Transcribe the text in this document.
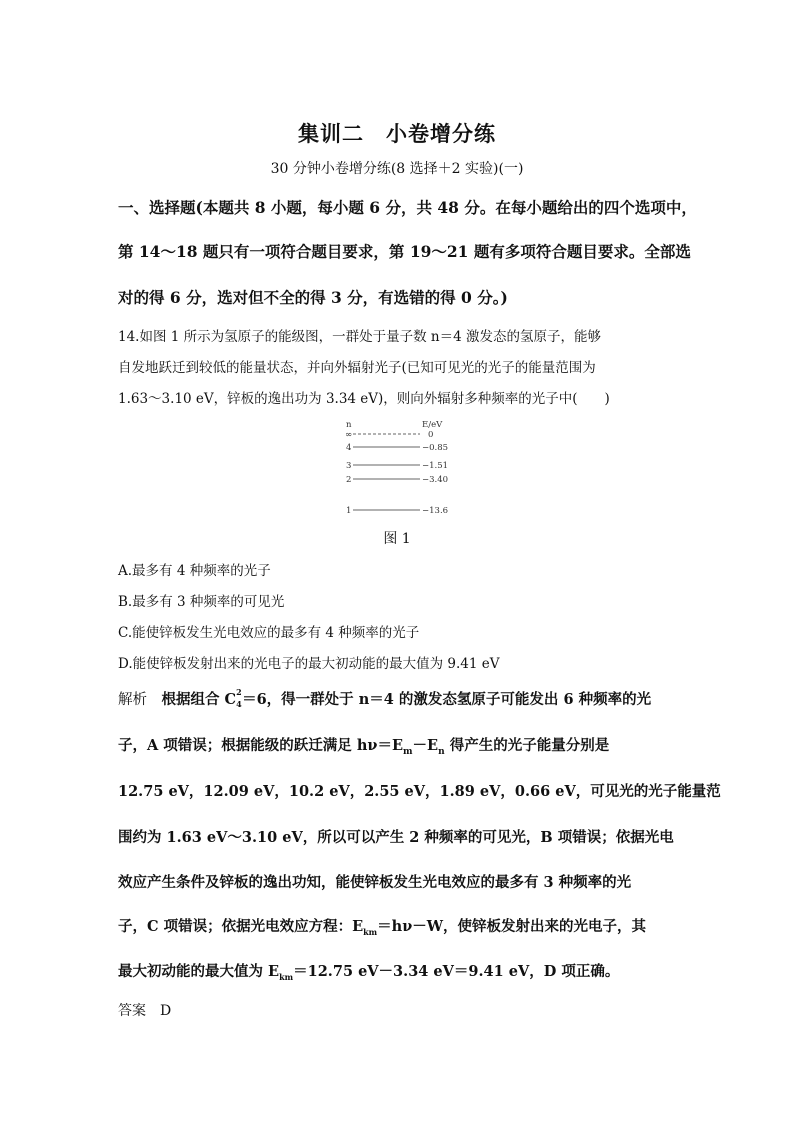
集训二　小卷增分练
30 分钟小卷增分练(8 选择＋2 实验)(一)
一、选择题(本题共 8 小题，每小题 6 分，共 48 分。在每小题给出的四个选项中，
第 14～18 题只有一项符合题目要求，第 19～21 题有多项符合题目要求。全部选
对的得 6 分，选对但不全的得 3 分，有选错的得 0 分。)
14.如图 1 所示为氢原子的能级图，一群处于量子数 n＝4 激发态的氢原子，能够
自发地跃迁到较低的能量状态，并向外辐射光子(已知可见光的光子的能量范围为
1.63～3.10 eV，锌板的逸出功为 3.34 eV)，则向外辐射多种频率的光子中(　　)
n	E/eV
∞	0
4	−0.85
3	−1.51
2	−3.40
1	−13.6
图 1
A.最多有 4 种频率的光子
B.最多有 3 种频率的可见光
C.能使锌板发生光电效应的最多有 4 种频率的光子
D.能使锌板发射出来的光电子的最大初动能的最大值为 9.41 eV
解析　根据组合 C 2
4 ＝6，得一群处于 n＝4 的激发态氢原子可能发出 6 种频率的光
子，A 项错误；根据能级的跃迁满足 $h\nu=E_m-E_n$ 得产生的光子能量分别是
12.75 eV，12.09 eV，10.2 eV，2.55 eV，1.89 eV，0.66 eV，可见光的光子能量范
围约为 1.63 eV～3.10 eV，所以可以产生 2 种频率的可见光，B 项错误；依据光电
效应产生条件及锌板的逸出功知，能使锌板发生光电效应的最多有 3 种频率的光
子，C 项错误；依据光电效应方程：$E_{km}=h\nu-W$，使锌板发射出来的光电子，其
最大初动能的最大值为 $E_{km}=12.75$ eV－3.34 eV＝9.41 eV，D 项正确。
答案　D
